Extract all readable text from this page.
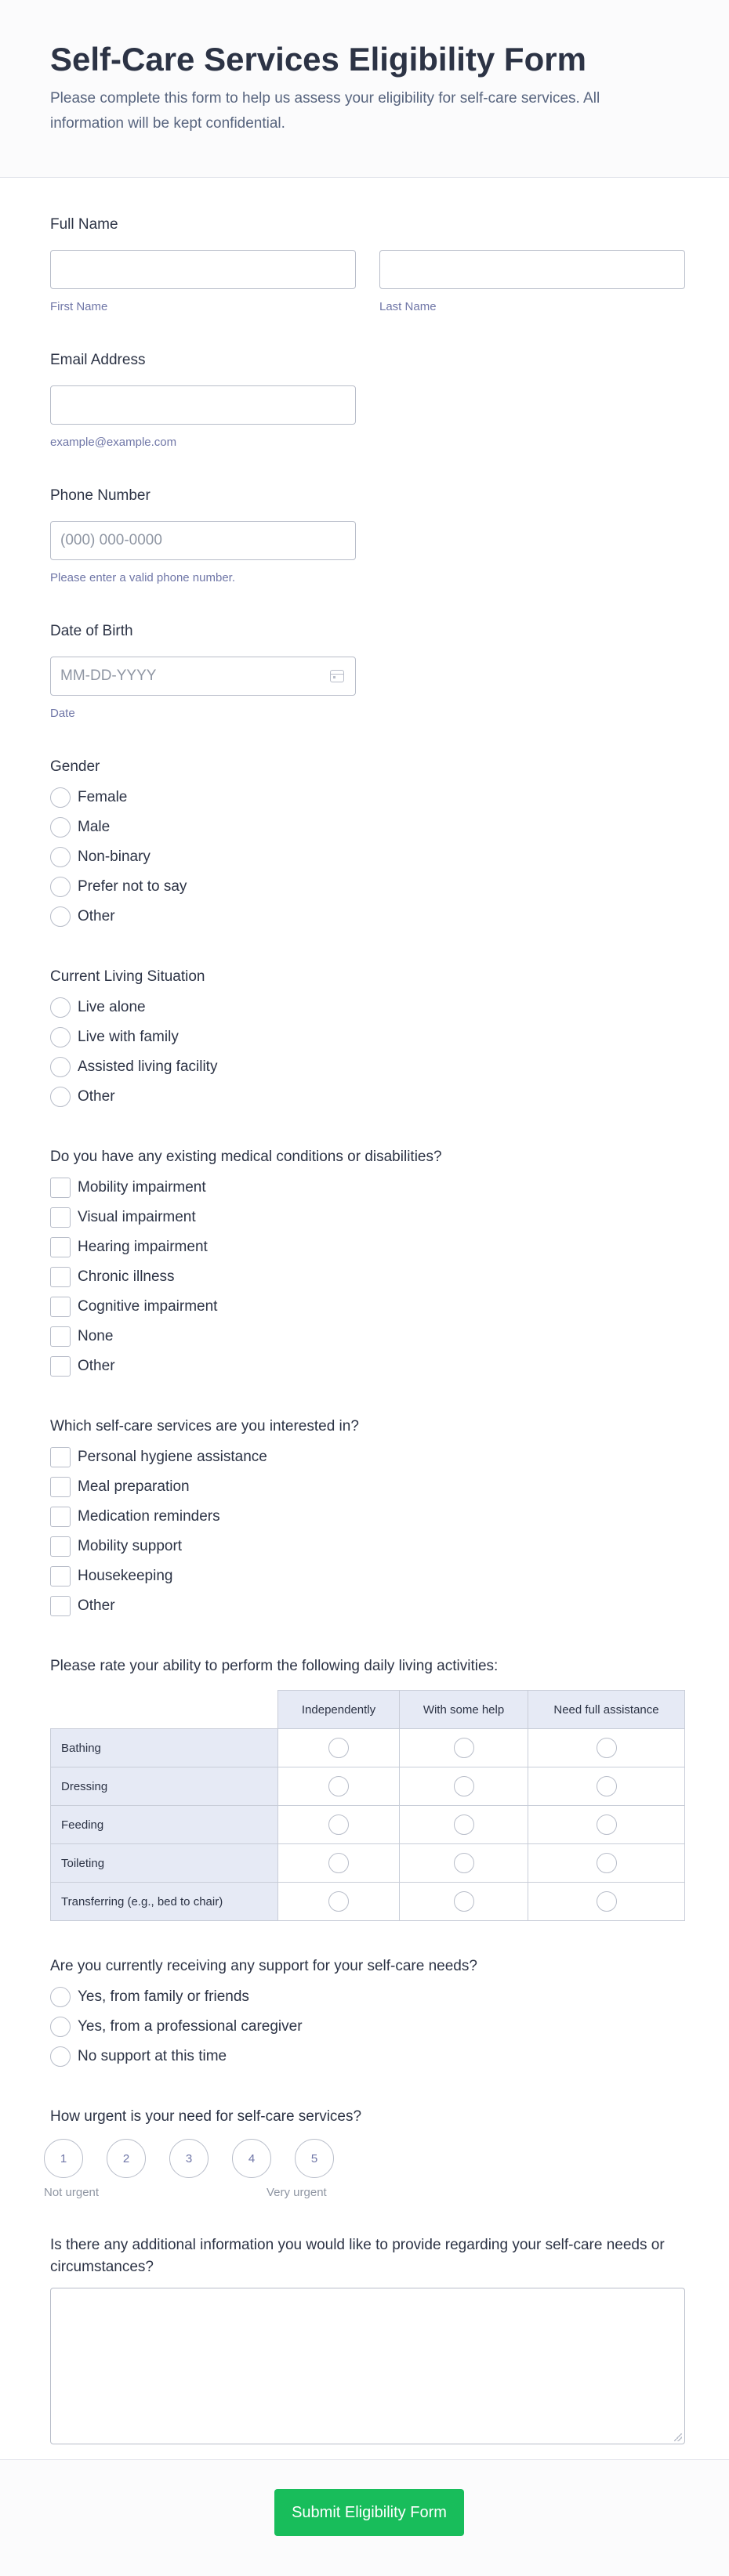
Self-Care Services Eligibility Form

Please complete this form to help us assess your eligibility for self-care services. All information will be kept confidential.

Full Name
First Name	Last Name
Email Address
example@example.com
Phone Number
(000) 000-0000
Please enter a valid phone number.
Date of Birth
MM-DD-YYYY
Date
Gender
Female
Male
Non-binary
Prefer not to say
Other
Current Living Situation
Live alone
Live with family
Assisted living facility
Other
Do you have any existing medical conditions or disabilities?
Mobility impairment
Visual impairment
Hearing impairment
Chronic illness
Cognitive impairment
None
Other
Which self-care services are you interested in?
Personal hygiene assistance
Meal preparation
Medication reminders
Mobility support
Housekeeping
Other
Please rate your ability to perform the following daily living activities:
	Independently	With some help	Need full assistance
Bathing			
Dressing			
Feeding			
Toileting			
Transferring (e.g., bed to chair)			
Are you currently receiving any support for your self-care needs?
Yes, from family or friends
Yes, from a professional caregiver
No support at this time
How urgent is your need for self-care services?
1	2	3	4	5
Not urgent	Very urgent
Is there any additional information you would like to provide regarding your self-care needs or circumstances?
Submit Eligibility Form
